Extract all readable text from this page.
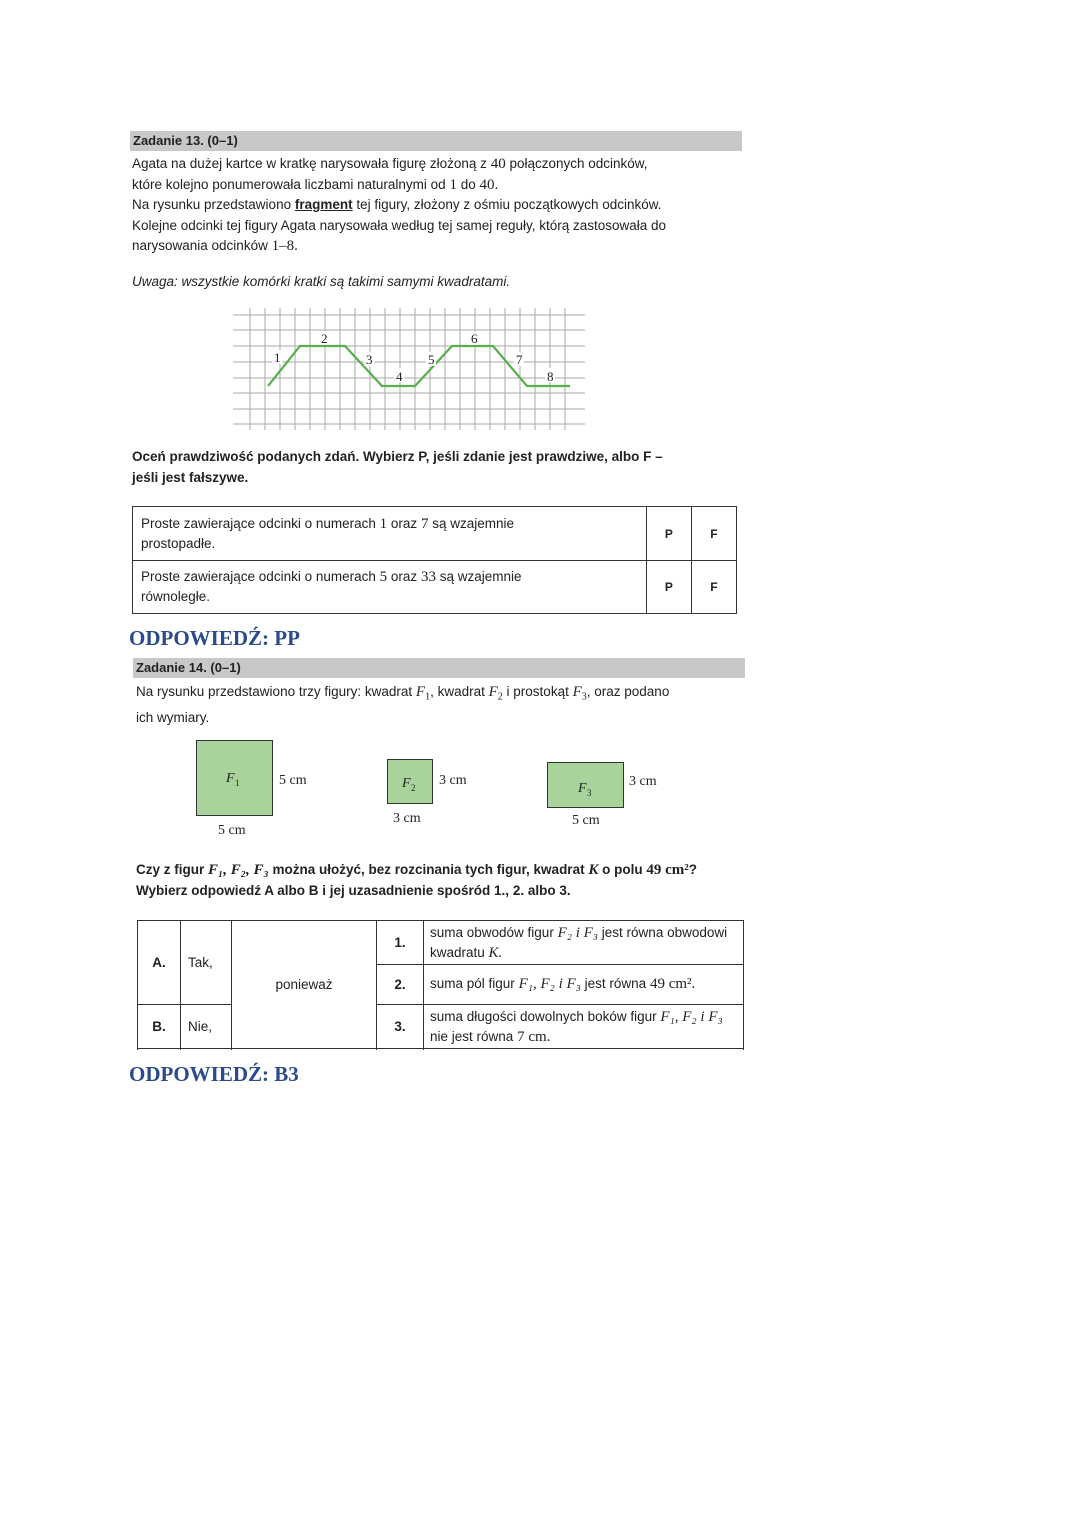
Zadanie 13. (0–1)
Agata na dużej kartce w kratkę narysowała figurę złożoną z 40 połączonych odcinków,
które kolejno ponumerowała liczbami naturalnymi od 1 do 40.
Na rysunku przedstawiono fragment tej figury, złożony z ośmiu początkowych odcinków.
Kolejne odcinki tej figury Agata narysowała według tej samej reguły, którą zastosowała do
narysowania odcinków 1–8.
Uwaga: wszystkie komórki kratki są takimi samymi kwadratami.
1
2
3
4
5
6
7
8
Oceń prawdziwość podanych zdań. Wybierz P, jeśli zdanie jest prawdziwe, albo F –
jeśli jest fałszywe.
Proste zawierające odcinki o numerach 1 oraz 7 są wzajemnie
prostopadłe.	P	F

Proste zawierające odcinki o numerach 5 oraz 33 są wzajemnie
równoległe.	P	F
ODPOWIEDŹ: PP
Zadanie 14. (0–1)
Na rysunku przedstawiono trzy figury: kwadrat $F_1$, kwadrat $F_2$ i prostokąt $F_3$, oraz podano
ich wymiary.
F 1	5 cm
5 cm
F 2 3 cm
3 cm
F 3
3 cm
5 cm
Czy z figur F₁, F₂, F₃ można ułożyć, bez rozcinania tych figur, kwadrat K o polu 49 cm²?
Wybierz odpowiedź A albo B i jej uzasadnienie spośród 1., 2. albo 3.
A.	Tak,	ponieważ	1.	suma obwodów figur F₂ i F₃ jest równa obwodowi
kwadratu K.

			2.	suma pól figur F₁, F₂ i F₃ jest równa 49 cm².
B.	Nie,		3.	suma długości dowolnych boków figur F₁, F₂ i F₃
nie jest równa 7 cm.

ODPOWIEDŹ: B3
